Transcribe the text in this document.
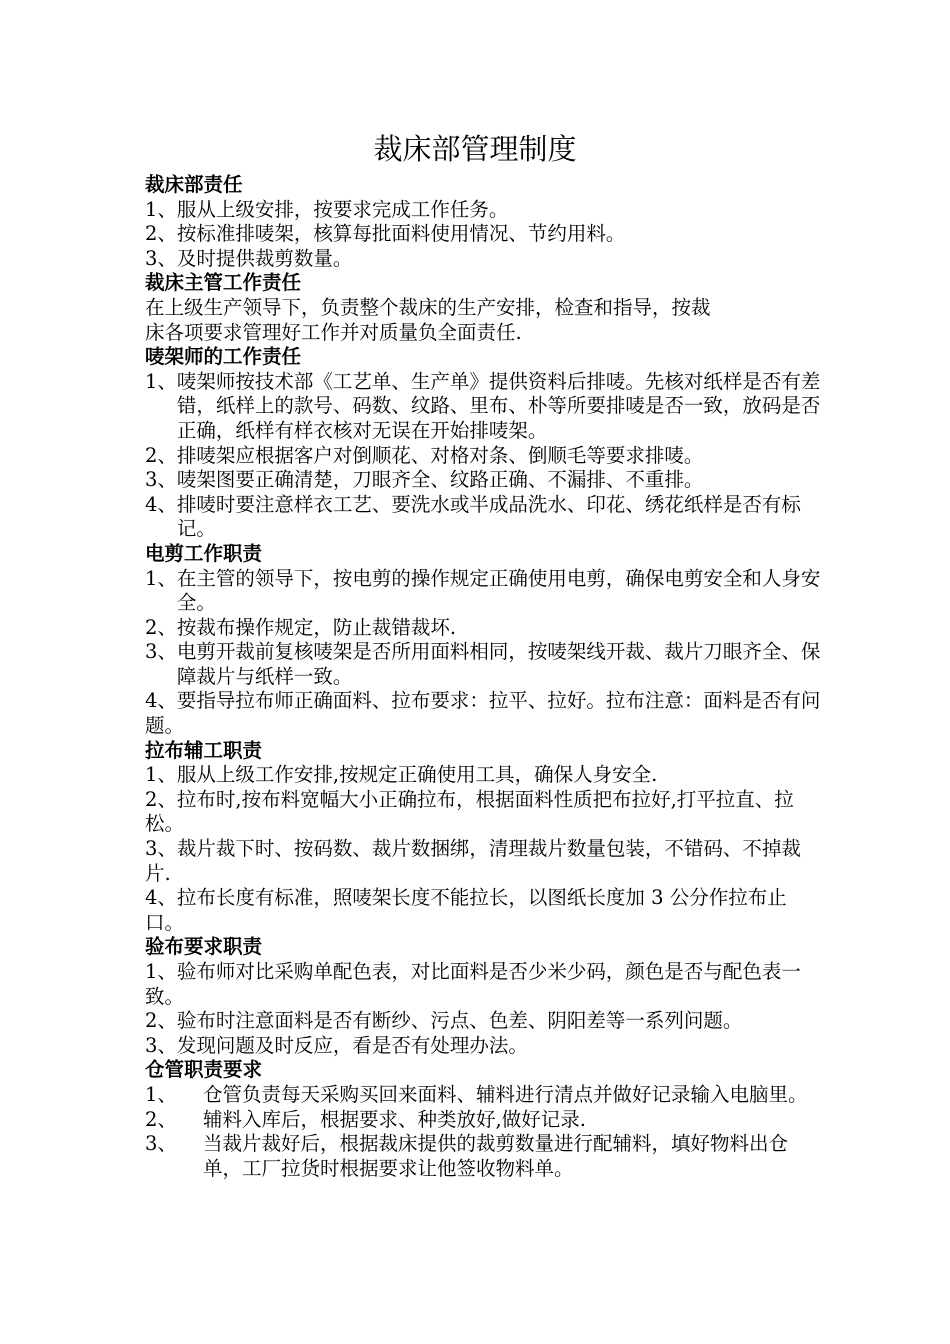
裁床部管理制度

裁床部责任

1、服从上级安排，按要求完成工作任务。

2、按标准排唛架，核算每批面料使用情况、节约用料。

3、及时提供裁剪数量。

裁床主管工作责任

在上级生产领导下，负责整个裁床的生产安排，检查和指导，按裁

床各项要求管理好工作并对质量负全面责任.

唛架师的工作责任

1、 唛架师按技术部《工艺单、生产单》提供资料后排唛。先核对纸样是否有差错，纸样上的款号、码数、纹路、里布、朴等所要排唛是否一致，放码是否正确，纸样有样衣核对无误在开始排唛架。
2、 排唛架应根据客户对倒顺花、对格对条、倒顺毛等要求排唛。
3、 唛架图要正确清楚，刀眼齐全、纹路正确、不漏排、不重排。
4、 排唛时要注意样衣工艺、要洗水或半成品洗水、印花、绣花纸样是否有标记。

电剪工作职责

1、 在主管的领导下，按电剪的操作规定正确使用电剪，确保电剪安全和人身安全。
2、 按裁布操作规定，防止裁错裁坏.
3、 电剪开裁前复核唛架是否所用面料相同，按唛架线开裁、裁片刀眼齐全、保障裁片与纸样一致。

4、要指导拉布师正确面料、拉布要求：拉平、拉好。拉布注意：面料是否有问题。

拉布辅工职责

1、服从上级工作安排,按规定正确使用工具，确保人身安全.

2、拉布时,按布料宽幅大小正确拉布，根据面料性质把布拉好,打平拉直、拉松。

3、裁片裁下时、按码数、裁片数捆绑，清理裁片数量包装，不错码、不掉裁片.

4、拉布长度有标准，照唛架长度不能拉长，以图纸长度加 3 公分作拉布止口。

验布要求职责

1、验布师对比采购单配色表，对比面料是否少米少码，颜色是否与配色表一致。

2、验布时注意面料是否有断纱、污点、色差、阴阳差等一系列问题。

3、发现问题及时反应，看是否有处理办法。

仓管职责要求

1、	仓管负责每天采购买回来面料、辅料进行清点并做好记录输入电脑里。
2、	辅料入库后，根据要求、种类放好,做好记录.
3、	当裁片裁好后，根据裁床提供的裁剪数量进行配辅料，填好物料出仓单，工厂拉货时根据要求让他签收物料单。
